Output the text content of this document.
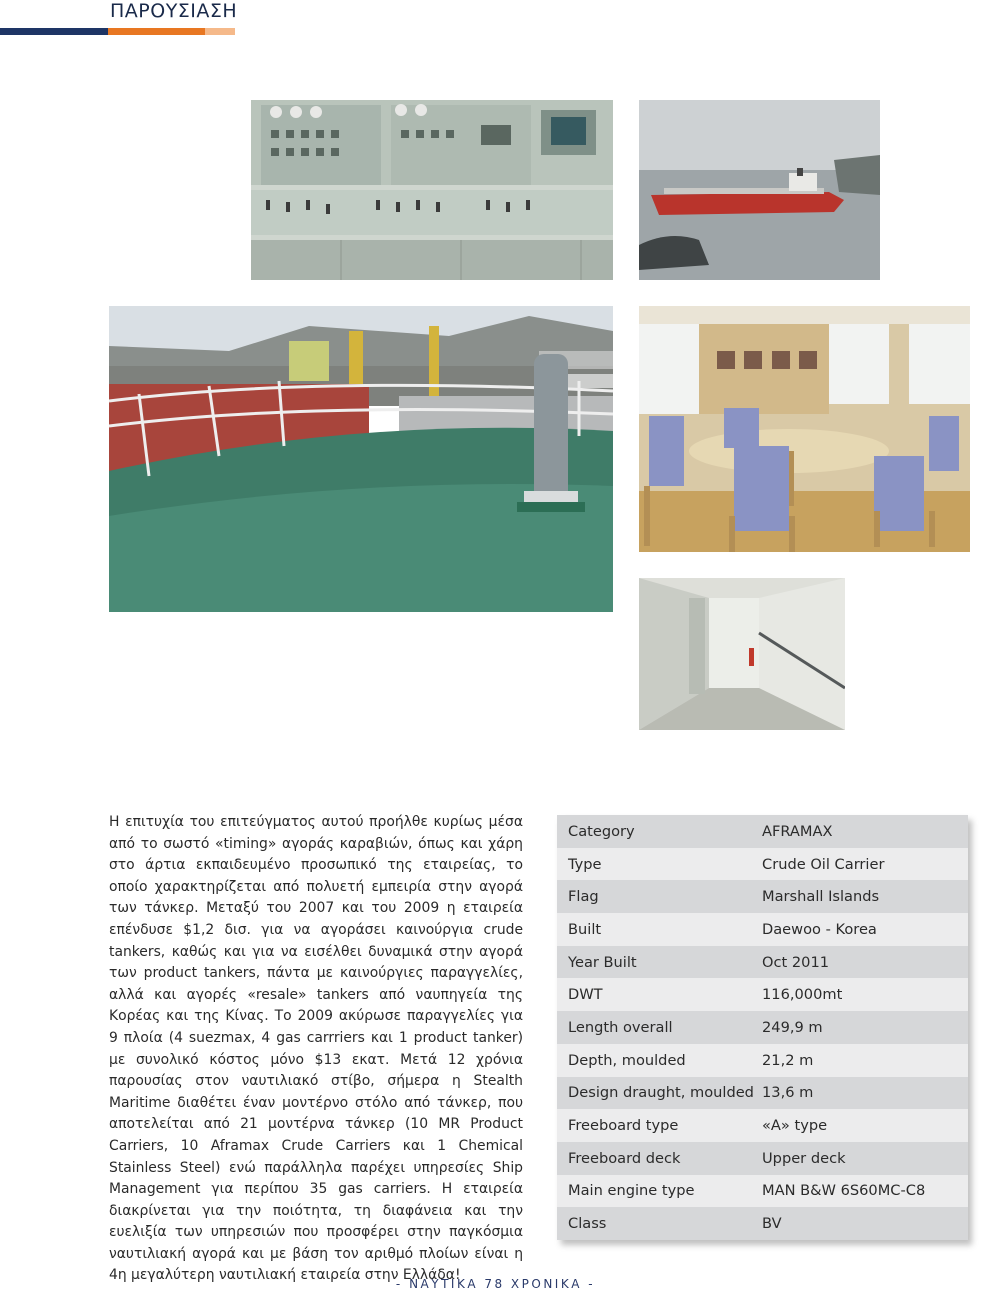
ΠΑΡΟΥΣΙΑΣΗ

Η επιτυχία του επιτεύγματος αυτού προήλθε κυρίως μέσα από το σωστό «timing» αγοράς καραβιών, όπως και χάρη στο άρτια εκπαιδευμένο προσωπικό της εταιρείας, το οποίο χαρακτηρίζεται από πολυετή εμπειρία στην αγορά των τάνκερ. Μεταξύ του 2007 και του 2009 η εταιρεία επένδυσε $1,2 δισ. για να αγοράσει καινούργια crude tankers, καθώς και για να εισέλθει δυναμικά στην αγορά των product tankers, πάντα με καινούργιες παραγγελίες, αλλά και αγορές «resale» tankers από ναυπηγεία της Κορέας και της Κίνας. Το 2009 ακύρωσε παραγγελίες για 9 πλοία (4 suezmax, 4 gas carrriers και 1 product tanker) με συνολικό κόστος μόνο $13 εκατ. Μετά 12 χρόνια παρουσίας στον ναυτιλιακό στίβο, σήμερα η Stealth Maritime διαθέτει έναν μοντέρνο στόλο από τάνκερ, που αποτελείται από 21 μοντέρνα τάνκερ (10 MR Product Carriers, 10 Aframax Crude Carriers και 1 Chemical Stainless Steel) ενώ παράλληλα παρέχει υπηρεσίες Ship Management για περίπου 35 gas carriers. Η εταιρεία διακρίνεται για την ποιότητα, τη διαφάνεια και την ευελιξία των υπηρεσιών που προσφέρει στην παγκόσμια ναυτιλιακή αγορά και με βάση τον αριθμό πλοίων είναι η 4η μεγαλύτερη ναυτιλιακή εταιρεία στην Ελλάδα!

Category	AFRAMAX
Type	Crude Oil Carrier
Flag	Marshall Islands
Built	Daewoo - Korea
Year Built	Oct 2011
DWT	116,000mt
Length overall	249,9 m
Depth, moulded	21,2 m
Design draught, moulded 13,6 m
Freeboard type	«A» type
Freeboard deck	Upper deck
Main engine type	MAN B&W 6S60MC-C8
Class	BV
- ΝΑΥΤΙΚΑ 78 ΧΡΟΝΙΚΑ -
